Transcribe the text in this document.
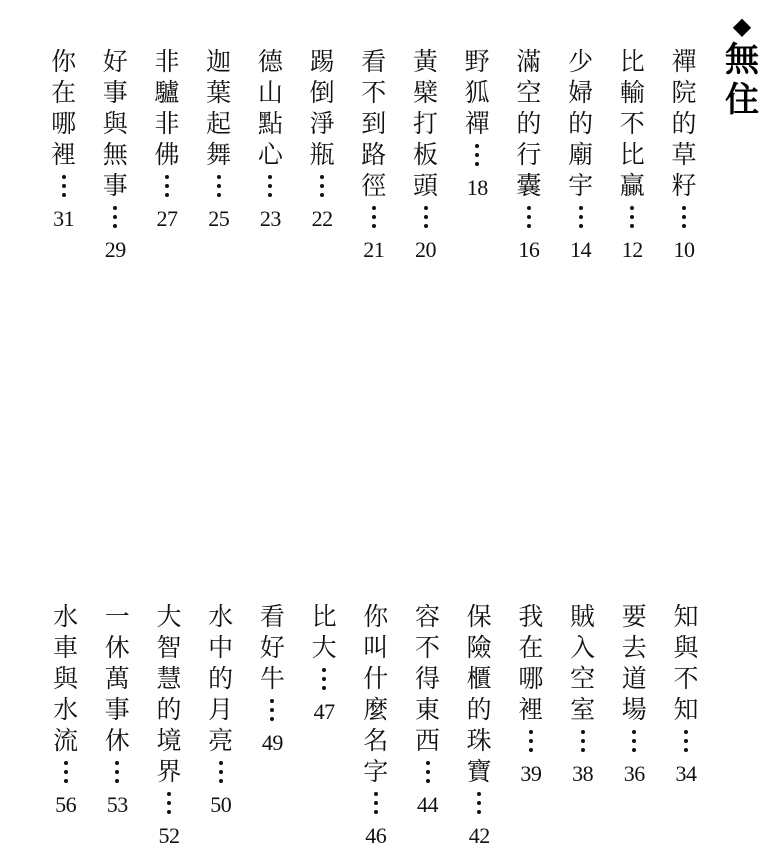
◆
無
住
禪
院
的
草
籽
10
比
輸
不
比
贏
12
少
婦
的
廟
宇
14
滿
空
的
行
囊
16
野
狐
禪
18
黃
檗
打
板
頭
20
看
不
到
路
徑
21
踢
倒
淨
瓶
22
德
山
點
心
23
迦
葉
起
舞
25
非
驢
非
佛
27
好
事
與
無
事
29
你
在
哪
裡
31
知
與
不
知
34
要
去
道
場
36
賊
入
空
室
38
我
在
哪
裡
39
保
險
櫃
的
珠
寶
42
容
不
得
東
西
44
你
叫
什
麼
名
字
46
比
大
47
看
好
牛
49
水
中
的
月
亮
50
大
智
慧
的
境
界
52
一
休
萬
事
休
53
水
車
與
水
流
56
